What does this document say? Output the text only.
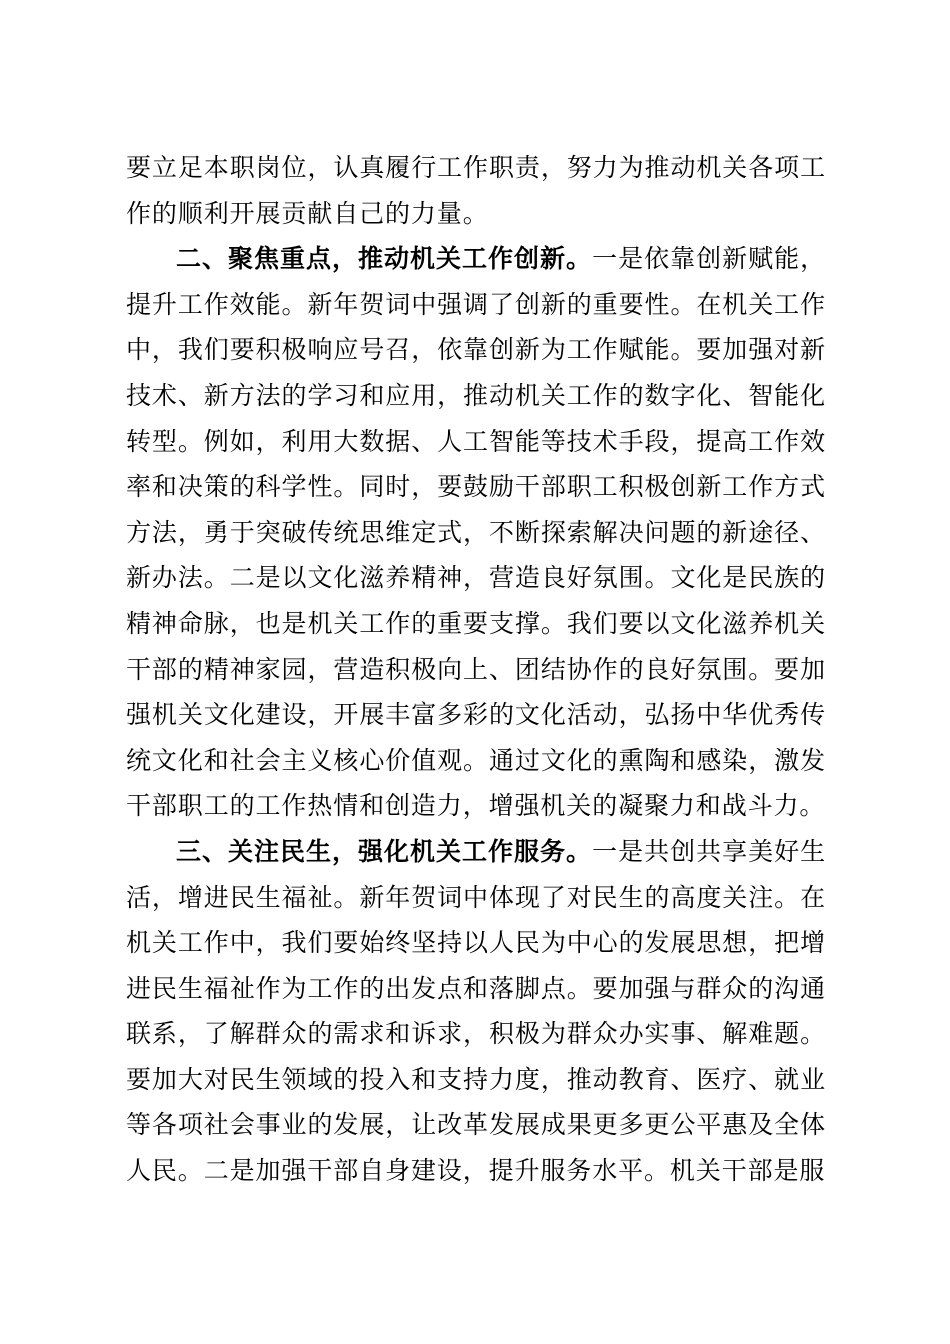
要立足本职岗位，认真履行工作职责，努力为推动机关各项工作的顺利开展贡献自己的力量。

二、聚焦重点，推动机关工作创新。一是依靠创新赋能，提升工作效能。新年贺词中强调了创新的重要性。在机关工作中，我们要积极响应号召，依靠创新为工作赋能。要加强对新技术、新方法的学习和应用，推动机关工作的数字化、智能化转型。例如，利用大数据、人工智能等技术手段，提高工作效率和决策的科学性。同时，要鼓励干部职工积极创新工作方式方法，勇于突破传统思维定式，不断探索解决问题的新途径、新办法。二是以文化滋养精神，营造良好氛围。文化是民族的精神命脉，也是机关工作的重要支撑。我们要以文化滋养机关干部的精神家园，营造积极向上、团结协作的良好氛围。要加强机关文化建设，开展丰富多彩的文化活动，弘扬中华优秀传统文化和社会主义核心价值观。通过文化的熏陶和感染，激发干部职工的工作热情和创造力，增强机关的凝聚力和战斗力。

三、关注民生，强化机关工作服务。一是共创共享美好生活，增进民生福祉。新年贺词中体现了对民生的高度关注。在机关工作中，我们要始终坚持以人民为中心的发展思想，把增进民生福祉作为工作的出发点和落脚点。要加强与群众的沟通联系，了解群众的需求和诉求，积极为群众办实事、解难题。要加大对民生领域的投入和支持力度，推动教育、医疗、就业等各项社会事业的发展，让改革发展成果更多更公平惠及全体人民。二是加强干部自身建设，提升服务水平。机关干部是服
